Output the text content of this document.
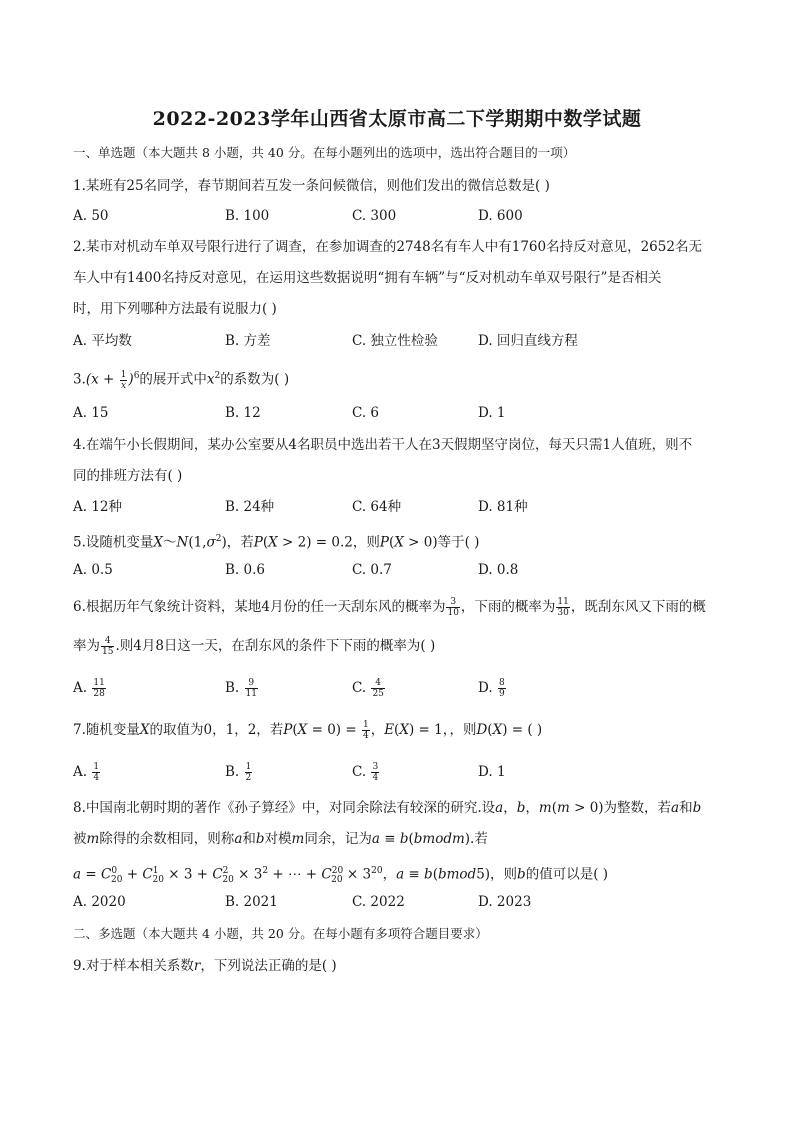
2022-2023学年山西省太原市高二下学期期中数学试题
一、单选题（本大题共 8 小题，共 40 分。在每小题列出的选项中，选出符合题目的一项）
1.某班有25名同学，春节期间若互发一条问候微信，则他们发出的微信总数是( )
A. 50	B. 100	C. 300	D. 600
2.某市对机动车单双号限行进行了调查，在参加调查的2748名有车人中有1760名持反对意见，2652名无
车人中有1400名持反对意见，在运用这些数据说明“拥有车辆”与“反对机动车单双号限行”是否相关
时，用下列哪种方法最有说服力( )
A. 平均数	B. 方差	C. 独立性检验	D. 回归直线方程
$3.(x + \frac{1}{x} )^6$的展开式中$x^2$的系数为( )
A. 15	B. 12	C. 6	D. 1
4.在端午小长假期间，某办公室要从4名职员中选出若干人在3天假期坚守岗位，每天只需1人值班，则不
同的排班方法有( )
A. 12种	B. 24种	C. 64种	D. 81种
5.设随机变量$X\sim N(1,\sigma^2)$，若P(X > 2) = 0.2，则P(X > 0)等于( )
A. 0.5	B. 0.6	C. 0.7	D. 0.8
6.根据历年气象统计资料，某地4月份的任一天刮东风的概率为 $\frac{3}{10}$ ，下雨的概率为 $\frac{11}{30}$ ，既刮东风又下雨的概
率为 $\frac{4}{15}$ .则4月8日这一天，在刮东风的条件下下雨的概率为( )
A. $\frac{11}{28}$	B. $\frac{9}{11}$	C. $\frac{4}{25}$	D. $\frac{8}{9}$
7.随机变量X的取值为0，1，2，若$P(X = 0) = \frac{1}{4}$ ，E(X) = 1，，则D(X) = ( )
A. $\frac{1}{4}$	B. $\frac{1}{2}$	C. $\frac{3}{4}$	D. 1
8.中国南北朝时期的著作《孙子算经》中，对同余除法有较深的研究.设a，b，m(m > 0)为整数，若a和b
被m除得的余数相同，则称a和b对模m同余，记为a ≡ b(bmodm).若
$a = C^0_{20} + C^1_{20} \times 3 + C^2_{20} \times 3^2$ + ⋯ + $C^{20}_{20} \times 3^{20}$，a ≡ b(bmod5)，则b的值可以是( )
A. 2020	B. 2021	C. 2022	D. 2023
二、多选题（本大题共 4 小题，共 20 分。在每小题有多项符合题目要求）
9.对于样本相关系数r，下列说法正确的是( )
